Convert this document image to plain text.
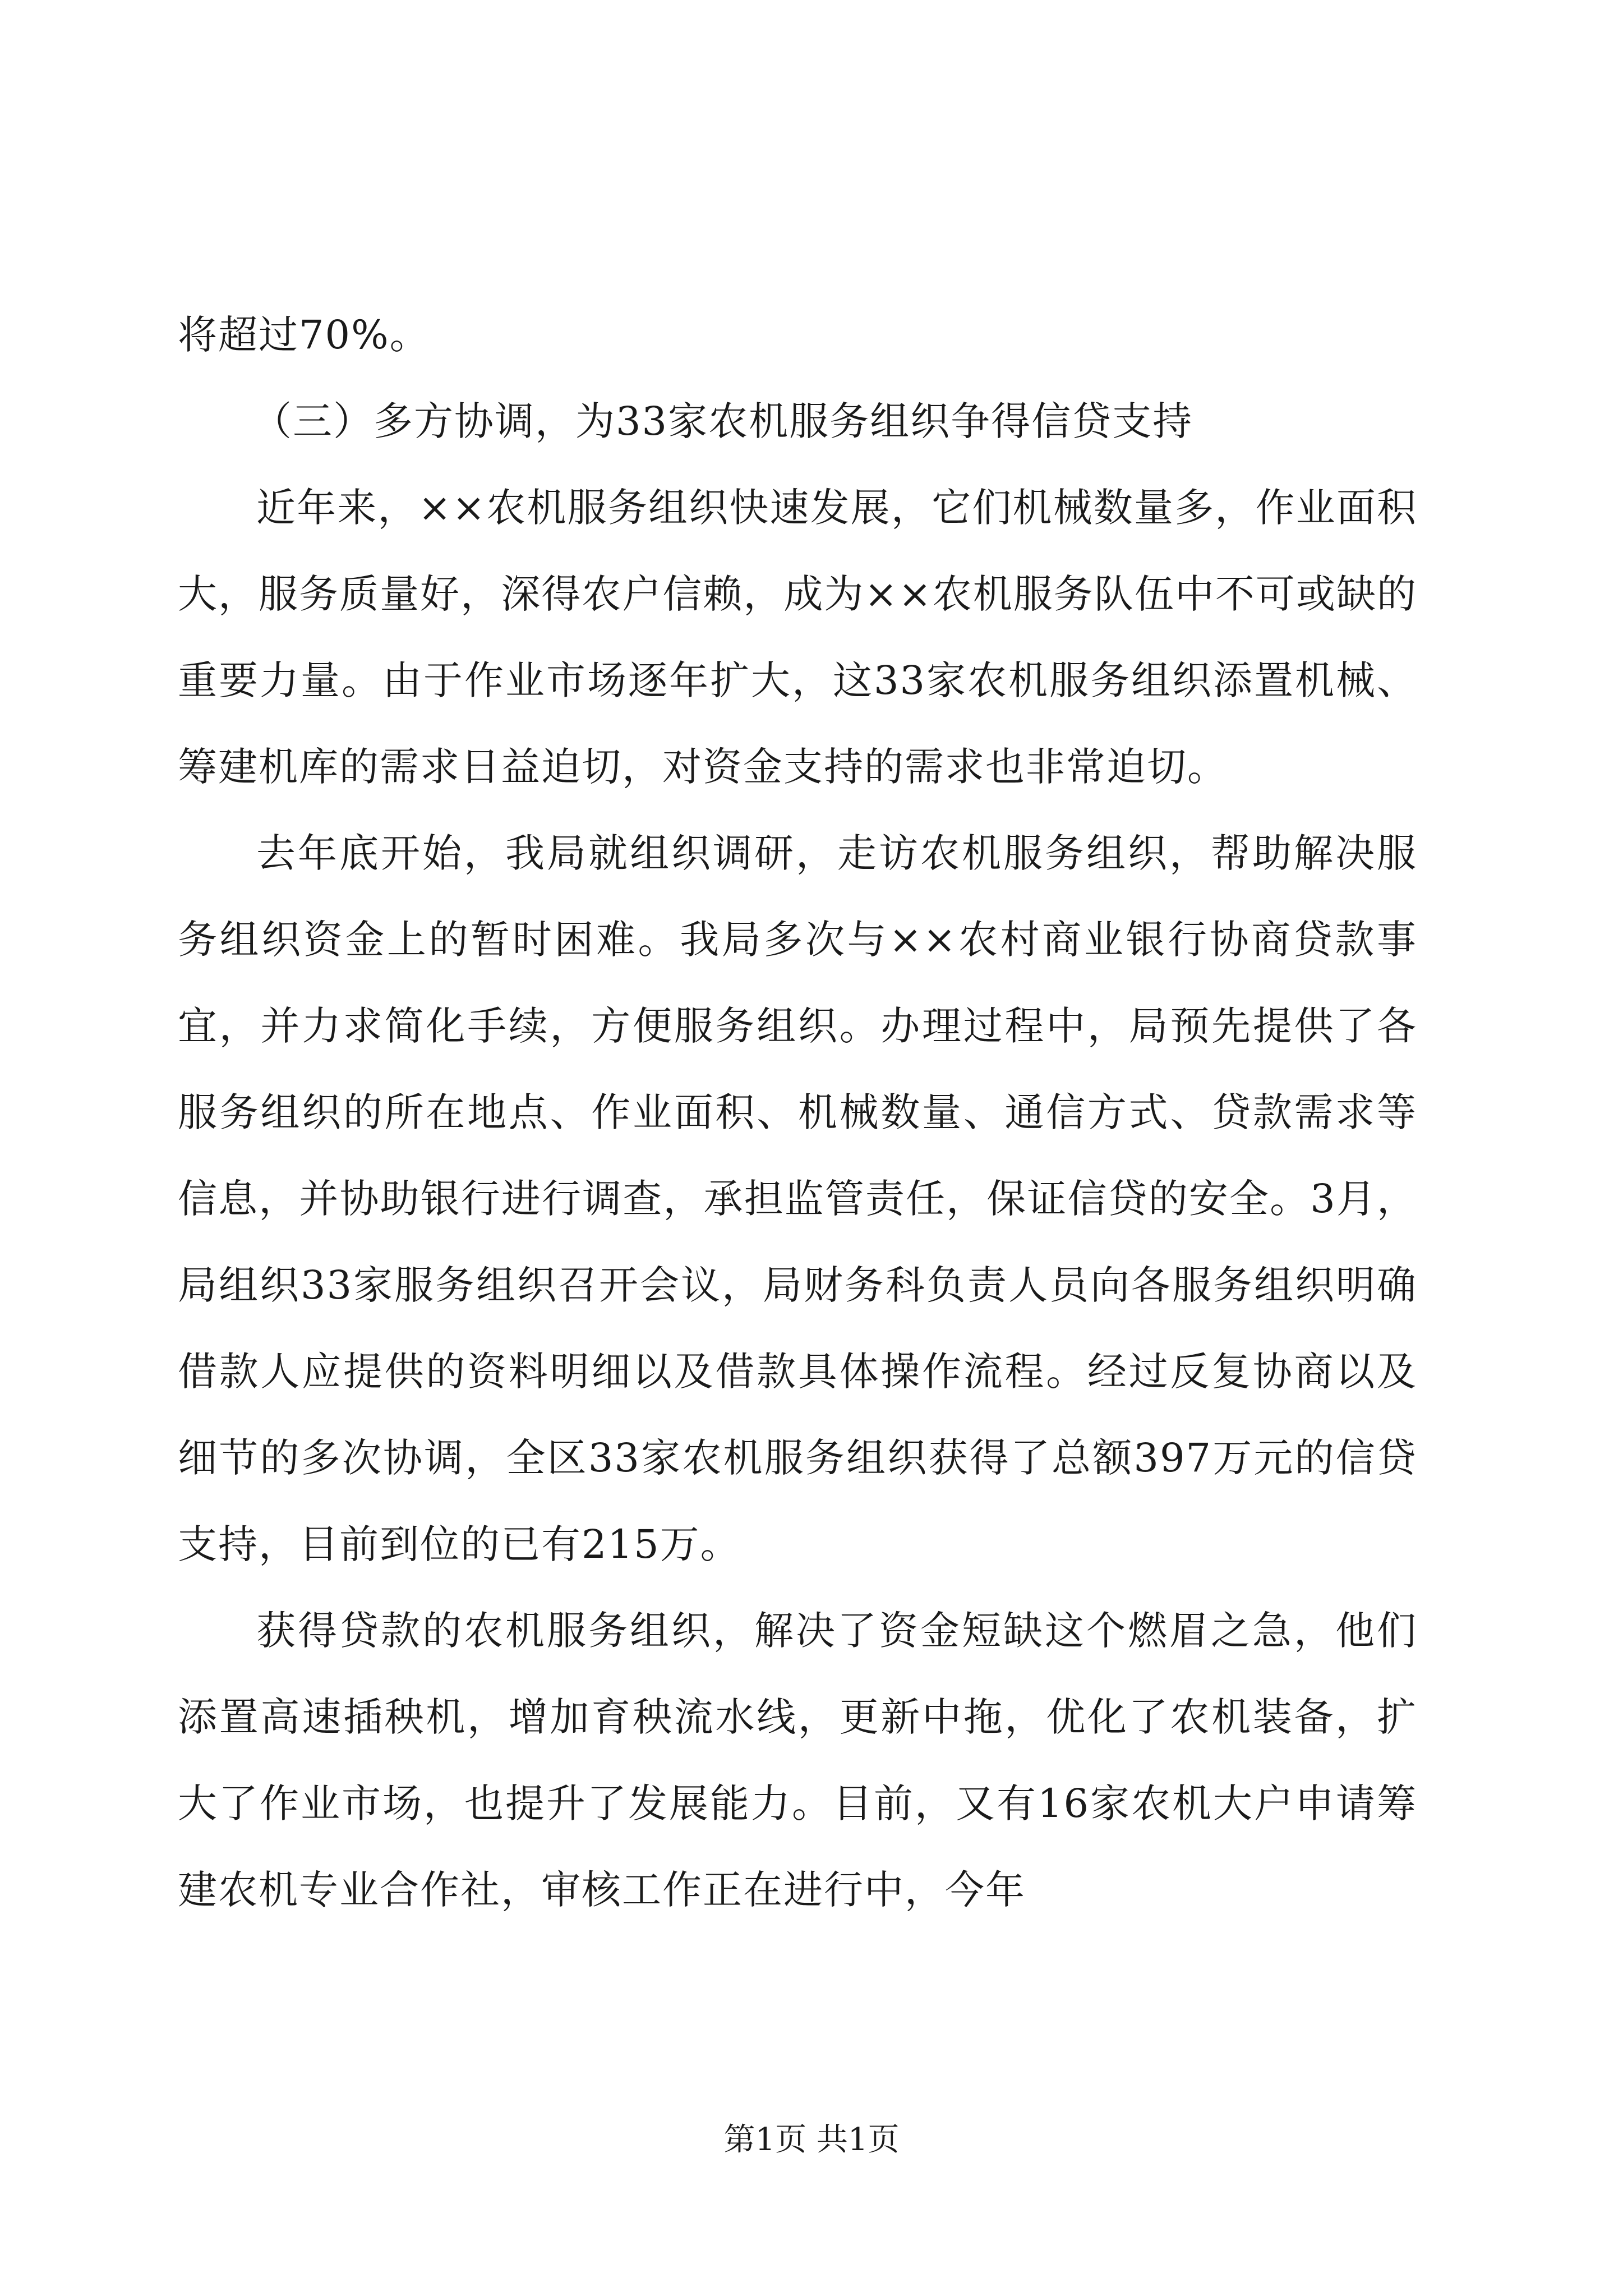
将超过70%。

（三）多方协调，为33家农机服务组织争得信贷支持

近年来，××农机服务组织快速发展，它们机械数量多，作业面积大，服务质量好，深得农户信赖，成为××农机服务队伍中不可或缺的重要力量。由于作业市场逐年扩大，这33家农机服务组织添置机械、筹建机库的需求日益迫切，对资金支持的需求也非常迫切。

去年底开始，我局就组织调研，走访农机服务组织，帮助解决服务组织资金上的暂时困难。我局多次与××农村商业银行协商贷款事宜，并力求简化手续，方便服务组织。办理过程中，局预先提供了各服务组织的所在地点、作业面积、机械数量、通信方式、贷款需求等信息，并协助银行进行调查，承担监管责任，保证信贷的安全。3月，局组织33家服务组织召开会议，局财务科负责人员向各服务组织明确借款人应提供的资料明细以及借款具体操作流程。经过反复协商以及细节的多次协调，全区33家农机服务组织获得了总额397万元的信贷支持，目前到位的已有215万。

获得贷款的农机服务组织，解决了资金短缺这个燃眉之急，他们添置高速插秧机，增加育秧流水线，更新中拖，优化了农机装备，扩大了作业市场，也提升了发展能力。目前，又有16家农机大户申请筹建农机专业合作社，审核工作正在进行中，今年

第1页 共1页
